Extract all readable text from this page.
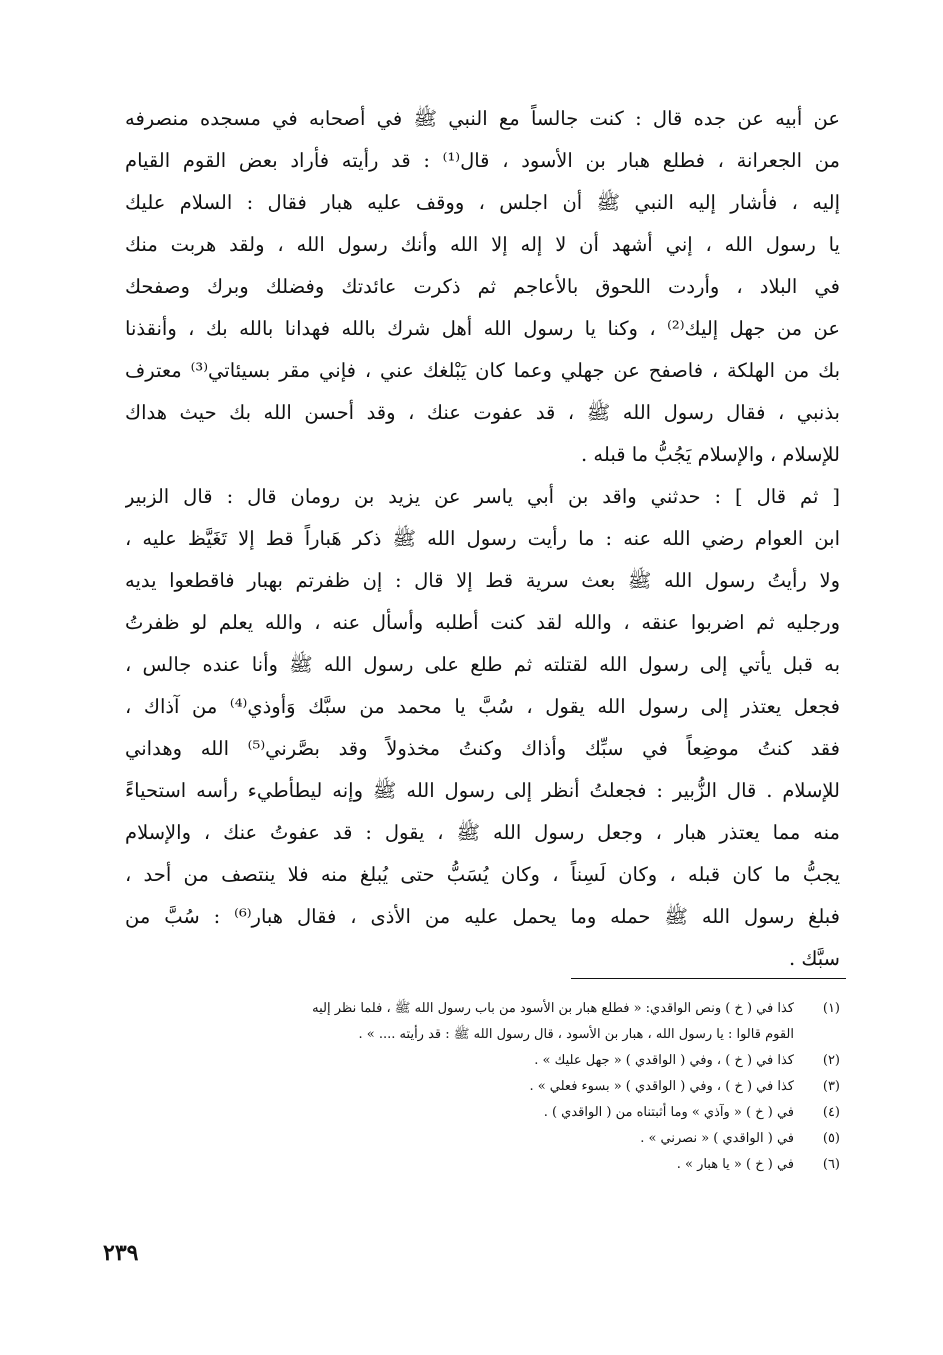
عن أبيه عن جده قال : كنت جالساً مع النبي ﷺ في أصحابه في مسجده منصرفه
من الجعرانة ، فطلع هبار بن الأسود ، قال⁽¹⁾ : قد رأيته فأراد بعض القوم القيام
إليه ، فأشار إليه النبي ﷺ أن اجلس ، ووقف عليه هبار فقال : السلام عليك
يا رسول الله ، إني أشهد أن لا إله إلا الله وأنك رسول الله ، ولقد هربت منك
في البلاد ، وأردت اللحوق بالأعاجم ثم ذكرت عائدتك وفضلك وبرك وصفحك
عن من جهل إليك⁽²⁾ ، وكنا يا رسول الله أهل شرك بالله فهدانا بالله بك ، وأنقذنا
بك من الهلكة ، فاصفح عن جهلي وعما كان يَبْلغك عني ، فإني مقر بسيئاتي⁽³⁾ معترف
بذنبي ، فقال رسول الله ﷺ ، قد عفوت عنك ، وقد أحسن الله بك حيث هداك
للإسلام ، والإسلام يَجُبُّ ما قبله .
[ ثم قال ] : حدثني واقد بن أبي ياسر عن يزيد بن رومان قال : قال الزبير
ابن العوام رضي الله عنه : ما رأيت رسول الله ﷺ ذكر هَباراً قط إلا تَغَيَّظ عليه ،
ولا رأيتُ رسول الله ﷺ بعث سرية قط إلا قال : إن ظفرتم بهبار فاقطعوا يديه
ورجليه ثم اضربوا عنقه ، والله لقد كنت أطلبه وأسأل عنه ، والله يعلم لو ظفرتُ
به قبل يأتي إلى رسول الله لقتلته ثم طلع على رسول الله ﷺ وأنا عنده جالس ،
فجعل يعتذر إلى رسول الله يقول ، سُبَّ يا محمد من سبَّك وَأوذي⁽⁴⁾ من آذاك ،
فقد كنتُ موضِعاً في سبِّك وأذاك وكنتُ مخذولاً وقد بصَّرني⁽⁵⁾ الله وهداني
للإسلام . قال الزُّبير : فجعلتُ أنظر إلى رسول الله ﷺ وإنه ليطأطيء رأسه استحياءً
منه مما يعتذر هبار ، وجعل رسول الله ﷺ ، يقول : قد عفوتُ عنك ، والإسلام
يجبُّ ما كان قبله ، وكان لَسِناً ، وكان يُسَبُّ حتى يُبلغ منه فلا ينتصف من أحد ،
فبلغ رسول الله ﷺ حمله وما يحمل عليه من الأذى ، فقال هبار⁽⁶⁾ : سُبَّ من
سبَّك .
(١)
كذا في ( خ ) ونص الواقدي: « فطلع هبار بن الأسود من باب رسول الله ﷺ ، فلما نظر إليه
القوم قالوا : يا رسول الله ، هبار بن الأسود ، قال رسول الله ﷺ : قد رأيته .... » .
(٢)
كذا في ( خ ) ، وفي ( الواقدي ) « جهل عليك » .
(٣)
كذا في ( خ ) ، وفي ( الواقدي ) « بسوء فعلي » .
(٤)
في ( خ ) « وآذي » وما أثبتناه من ( الواقدي ) .
(٥)
في ( الواقدي ) « نصرني » .
(٦)
في ( خ ) « يا هبار » .
٢٣٩
